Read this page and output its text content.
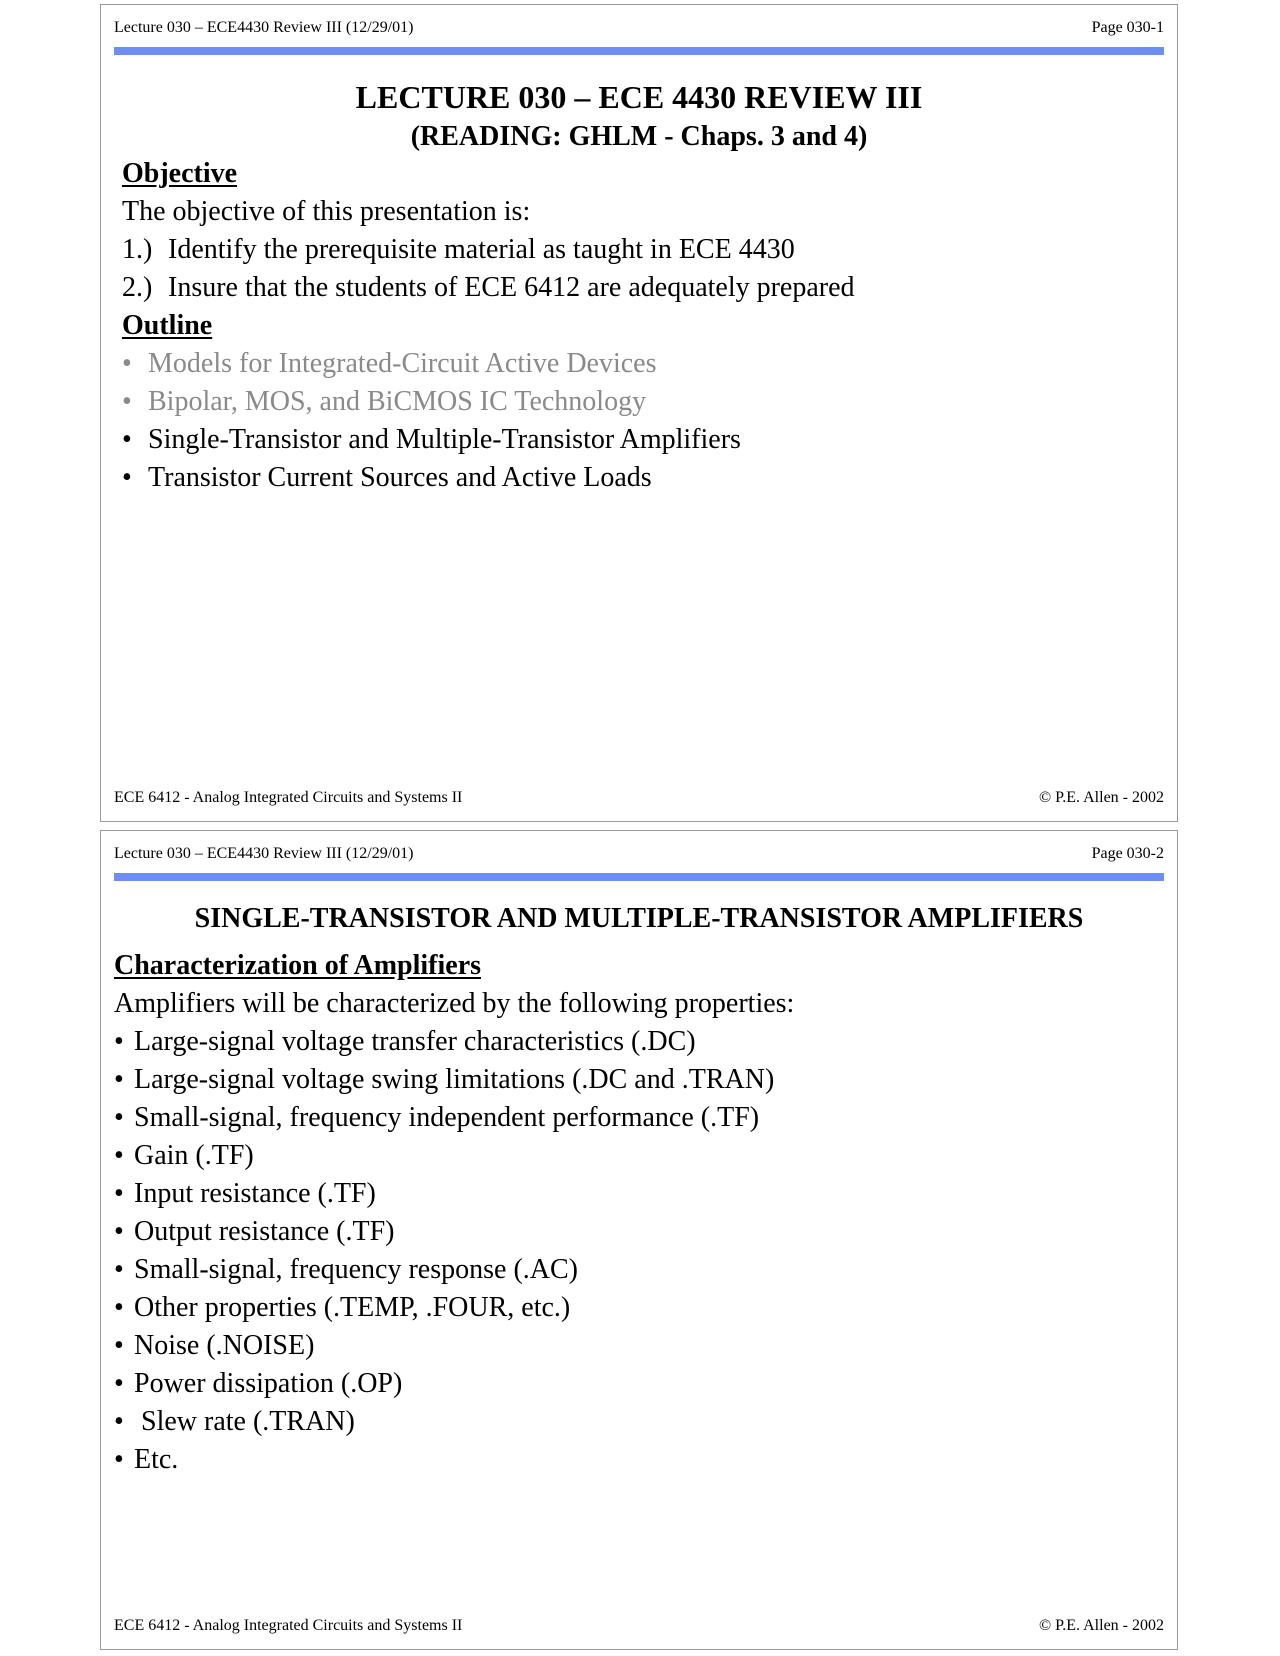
Lecture 030 – ECE4430 Review III (12/29/01)	Page 030-1
LECTURE 030 – ECE 4430 REVIEW III
(READING: GHLM - Chaps. 3 and 4)
Objective
The objective of this presentation is:
1.) Identify the prerequisite material as taught in ECE 4430
2.) Insure that the students of ECE 6412 are adequately prepared
Outline
• Models for Integrated-Circuit Active Devices
• Bipolar, MOS, and BiCMOS IC Technology
• Single-Transistor and Multiple-Transistor Amplifiers
• Transistor Current Sources and Active Loads
ECE 6412 - Analog Integrated Circuits and Systems II	© P.E. Allen - 2002
Lecture 030 – ECE4430 Review III (12/29/01)	Page 030-2
SINGLE-TRANSISTOR AND MULTIPLE-TRANSISTOR AMPLIFIERS
Characterization of Amplifiers
Amplifiers will be characterized by the following properties:
• Large-signal voltage transfer characteristics (.DC)
• Large-signal voltage swing limitations (.DC and .TRAN)
• Small-signal, frequency independent performance (.TF)
• Gain (.TF)
• Input resistance (.TF)
• Output resistance (.TF)
• Small-signal, frequency response (.AC)
• Other properties (.TEMP, .FOUR, etc.)
• Noise (.NOISE)
• Power dissipation (.OP)
• Slew rate (.TRAN)
• Etc.
ECE 6412 - Analog Integrated Circuits and Systems II	© P.E. Allen - 2002
